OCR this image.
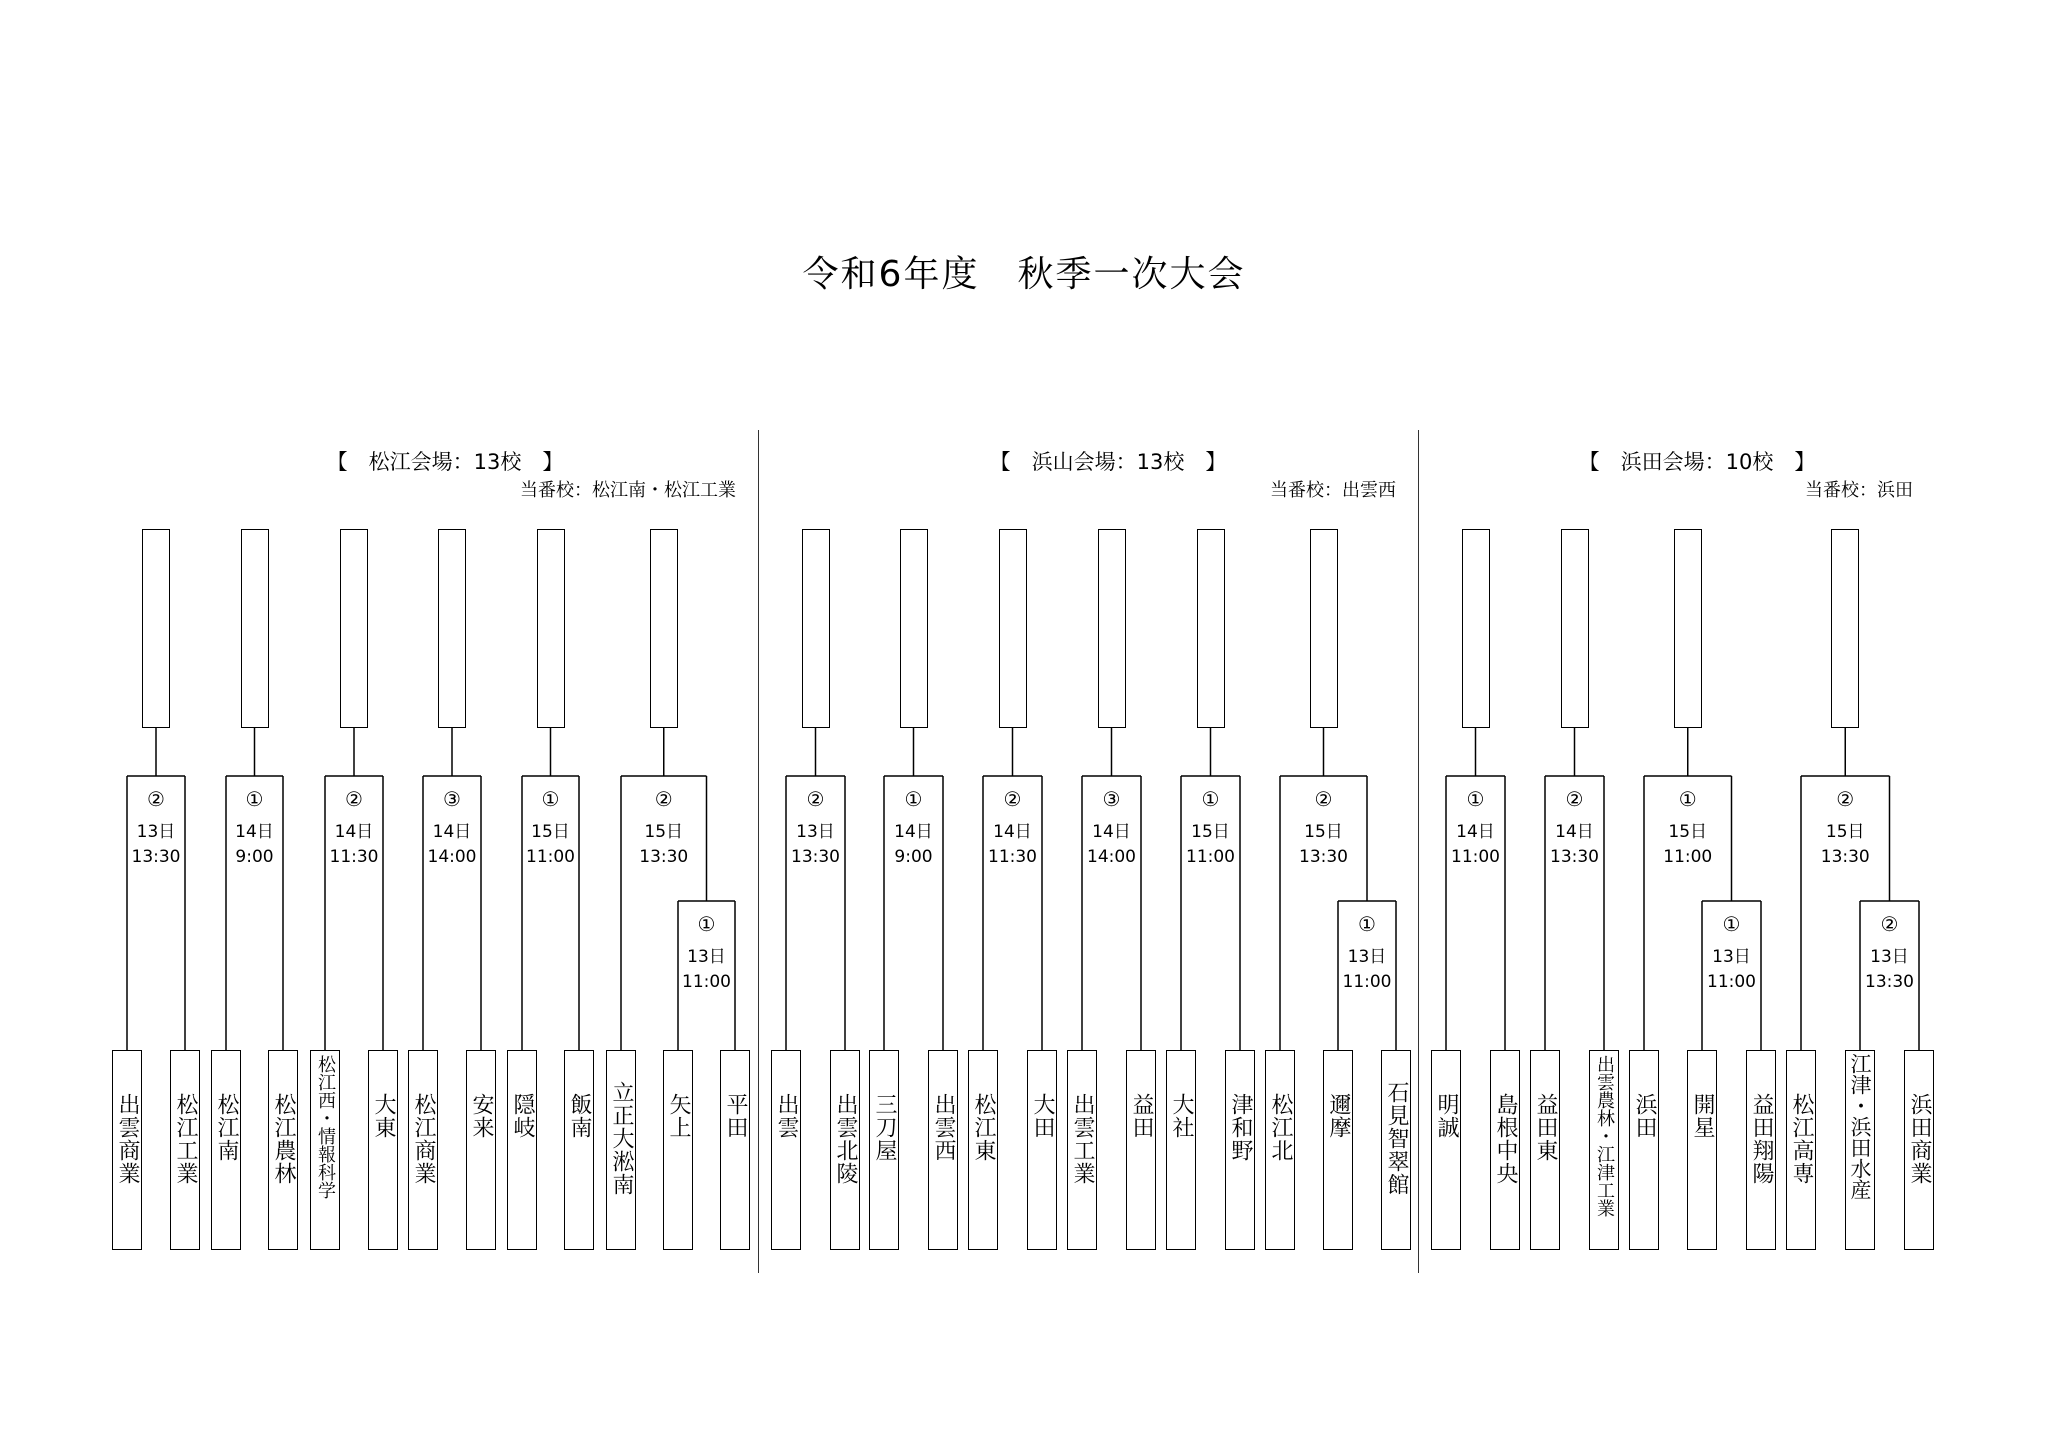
令和6年度　秋季一次大会
【　松江会場：13校　】
当番校：松江南・松江工業
【　浜山会場：13校　】
当番校：出雲西
【　浜田会場：10校　】
当番校：浜田
松江工業
出雲商業
②
13日
13:30

松江農林
松江南
①
14日
9:00

大東
松江西・情報科学
②
14日
11:30

安来
松江商業
③
14日
14:00

飯南
隠岐
①
15日
11:00

矢上 平田
①
13日
11:00

立正大淞南
②
15日
13:30

出雲北陵
出雲
②
13日
13:30

出雲西
三刀屋
①
14日
9:00

大田
松江東
②
14日
11:30

益田
出雲工業
③
14日
14:00

津和野
大社
①
15日
11:00

邇摩 石見智翠館
①
13日
11:00

松江北
②
15日
13:30

島根中央
明誠
①
14日
11:00

出雲農林・江津工業
益田東
②
14日
13:30

開星 益田翔陽
①
13日
11:00

浜田
①
15日
11:00

江津・浜田水産 浜田商業
②
13日
13:30

松江高専
②
15日
13:30
